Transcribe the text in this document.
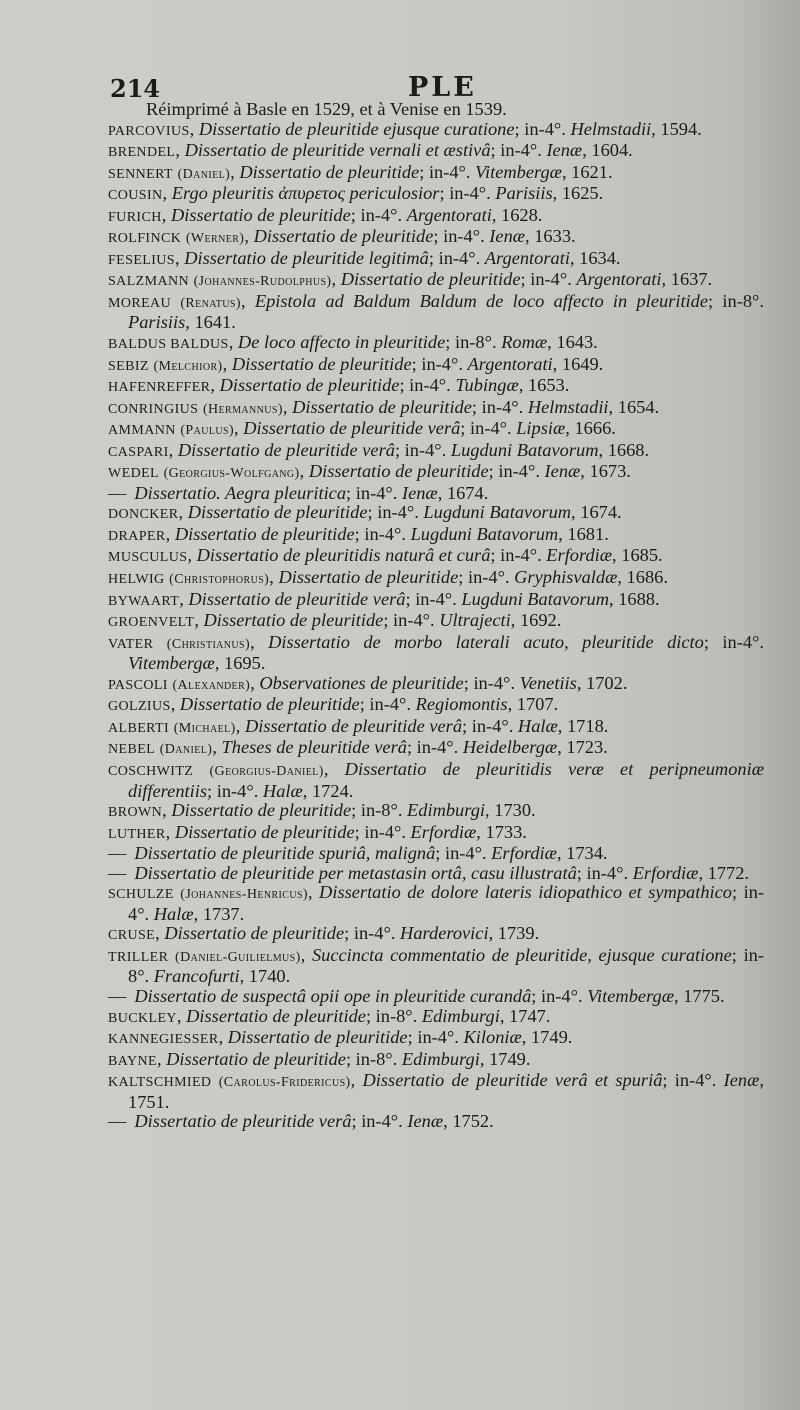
214	PLE
Réimprimé à Basle en 1529, et à Venise en 1539.
PARCOVIUS, Dissertatio de pleuritide ejusque curatione; in-4°. Helmstadii, 1594.
BRENDEL, Dissertatio de pleuritide vernali et æstivâ; in-4°. Ienæ, 1604.
SENNERT (Daniel), Dissertatio de pleuritide; in-4°. Vitembergæ, 1621.
COUSIN, Ergo pleuritis ἀπυρετος periculosior; in-4°. Parisiis, 1625.
FURICH, Dissertatio de pleuritide; in-4°. Argentorati, 1628.
ROLFINCK (Werner), Dissertatio de pleuritide; in-4°. Ienæ, 1633.
FESELIUS, Dissertatio de pleuritide legitimâ; in-4°. Argentorati, 1634.
SALZMANN (Johannes-Rudolphus), Dissertatio de pleuritide; in-4°. Argentorati, 1637.
MOREAU (Renatus), Epistola ad Baldum Baldum de loco affecto in pleuritide; in-8°. Parisiis, 1641.
BALDUS BALDUS, De loco affecto in pleuritide; in-8°. Romæ, 1643.
SEBIZ (Melchior), Dissertatio de pleuritide; in-4°. Argentorati, 1649.
HAFENREFFER, Dissertatio de pleuritide; in-4°. Tubingæ, 1653.
CONRINGIUS (Hermannus), Dissertatio de pleuritide; in-4°. Helmstadii, 1654.
AMMANN (Paulus), Dissertatio de pleuritide verâ; in-4°. Lipsiæ, 1666.
CASPARI, Dissertatio de pleuritide verâ; in-4°. Lugduni Batavorum, 1668.
WEDEL (Georgius-Wolfgang), Dissertatio de pleuritide; in-4°. Ienæ, 1673.
— Dissertatio. Aegra pleuritica; in-4°. Ienæ, 1674.
DONCKER, Dissertatio de pleuritide; in-4°. Lugduni Batavorum, 1674.
DRAPER, Dissertatio de pleuritide; in-4°. Lugduni Batavorum, 1681.
MUSCULUS, Dissertatio de pleuritidis naturâ et curâ; in-4°. Erfordiæ, 1685.
HELWIG (Christophorus), Dissertatio de pleuritide; in-4°. Gryphisvaldæ, 1686.
BYWAART, Dissertatio de pleuritide verâ; in-4°. Lugduni Batavorum, 1688.
GROENVELT, Dissertatio de pleuritide; in-4°. Ultrajecti, 1692.
VATER (Christianus), Dissertatio de morbo laterali acuto, pleuritide dicto; in-4°. Vitembergæ, 1695.
PASCOLI (Alexander), Observationes de pleuritide; in-4°. Venetiis, 1702.
GOLZIUS, Dissertatio de pleuritide; in-4°. Regiomontis, 1707.
ALBERTI (Michael), Dissertatio de pleuritide verâ; in-4°. Halæ, 1718.
NEBEL (Daniel), Theses de pleuritide verâ; in-4°. Heidelbergæ, 1723.
COSCHWITZ (Georgius-Daniel), Dissertatio de pleuritidis veræ et peripneumoniæ differentiis; in-4°. Halæ, 1724.
BROWN, Dissertatio de pleuritide; in-8°. Edimburgi, 1730.
LUTHER, Dissertatio de pleuritide; in-4°. Erfordiæ, 1733.
— Dissertatio de pleuritide spuriâ, malignâ; in-4°. Erfordiæ, 1734.
— Dissertatio de pleuritide per metastasin ortâ, casu illustratâ; in-4°. Erfordiæ, 1772.
SCHULZE (Johannes-Henricus), Dissertatio de dolore lateris idiopathico et sympathico; in-4°. Halæ, 1737.
CRUSE, Dissertatio de pleuritide; in-4°. Harderovici, 1739.
TRILLER (Daniel-Guilielmus), Succincta commentatio de pleuritide, ejusque curatione; in-8°. Francofurti, 1740.
— Dissertatio de suspectâ opii ope in pleuritide curandâ; in-4°. Vitembergæ, 1775.
BUCKLEY, Dissertatio de pleuritide; in-8°. Edimburgi, 1747.
KANNEGIESSER, Dissertatio de pleuritide; in-4°. Kiloniæ, 1749.
BAYNE, Dissertatio de pleuritide; in-8°. Edimburgi, 1749.
KALTSCHMIED (Carolus-Fridericus), Dissertatio de pleuritide verâ et spuriâ; in-4°. Ienæ, 1751.
— Dissertatio de pleuritide verâ; in-4°. Ienæ, 1752.
